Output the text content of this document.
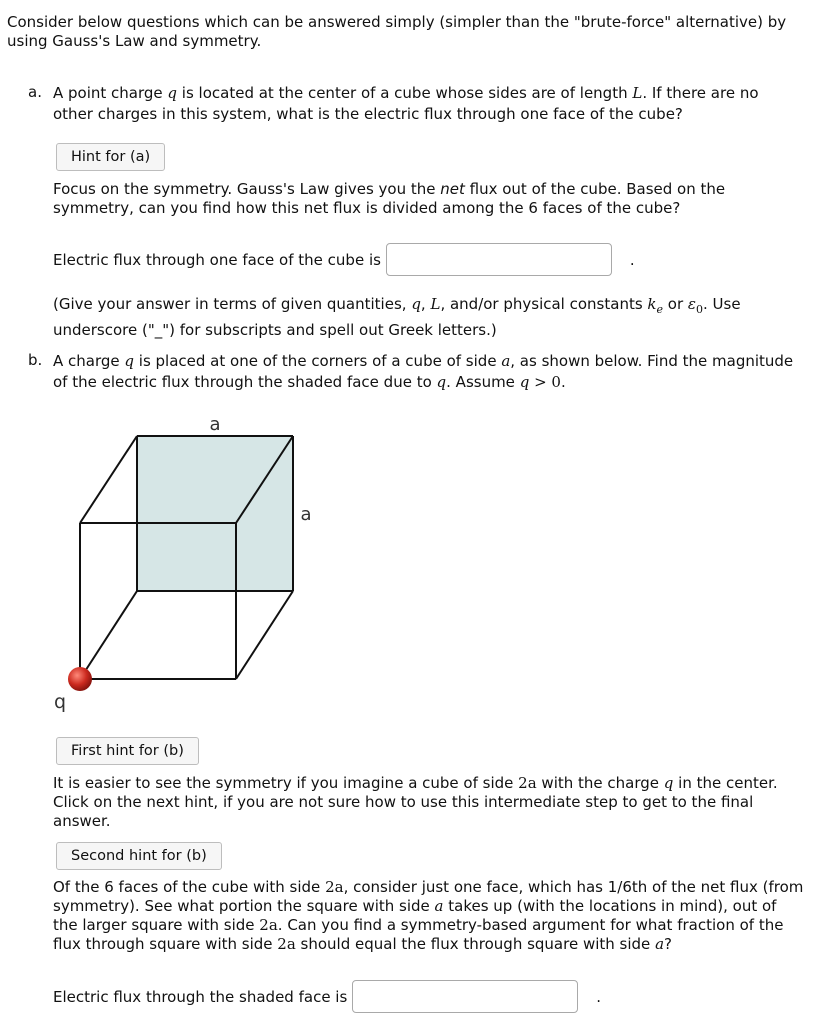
Consider below questions which can be answered simply (simpler than the "brute-force" alternative) by using Gauss's Law and symmetry.
a. A point charge q is located at the center of a cube whose sides are of length L. If there are no other charges in this system, what is the electric flux through one face of the cube?
Hint for (a)
Focus on the symmetry. Gauss's Law gives you the net flux out of the cube. Based on the symmetry, can you find how this net flux is divided among the 6 faces of the cube?
Electric flux through one face of the cube is	.
(Give your answer in terms of given quantities, q, L, and/or physical constants $k_e$ or $\varepsilon_0$. Use underscore ("_") for subscripts and spell out Greek letters.)
b. A charge q is placed at one of the corners of a cube of side a, as shown below. Find the magnitude of the electric flux through the shaded face due to q. Assume q > 0.
a
a
q
First hint for (b)
It is easier to see the symmetry if you imagine a cube of side 2a with the charge q in the center. Click on the next hint, if you are not sure how to use this intermediate step to get to the final answer.
Second hint for (b)
Of the 6 faces of the cube with side 2a, consider just one face, which has 1/6th of the net flux (from symmetry). See what portion the square with side a takes up (with the locations in mind), out of the larger square with side 2a. Can you find a symmetry-based argument for what fraction of the flux through square with side 2a should equal the flux through square with side a?
Electric flux through the shaded face is	.
